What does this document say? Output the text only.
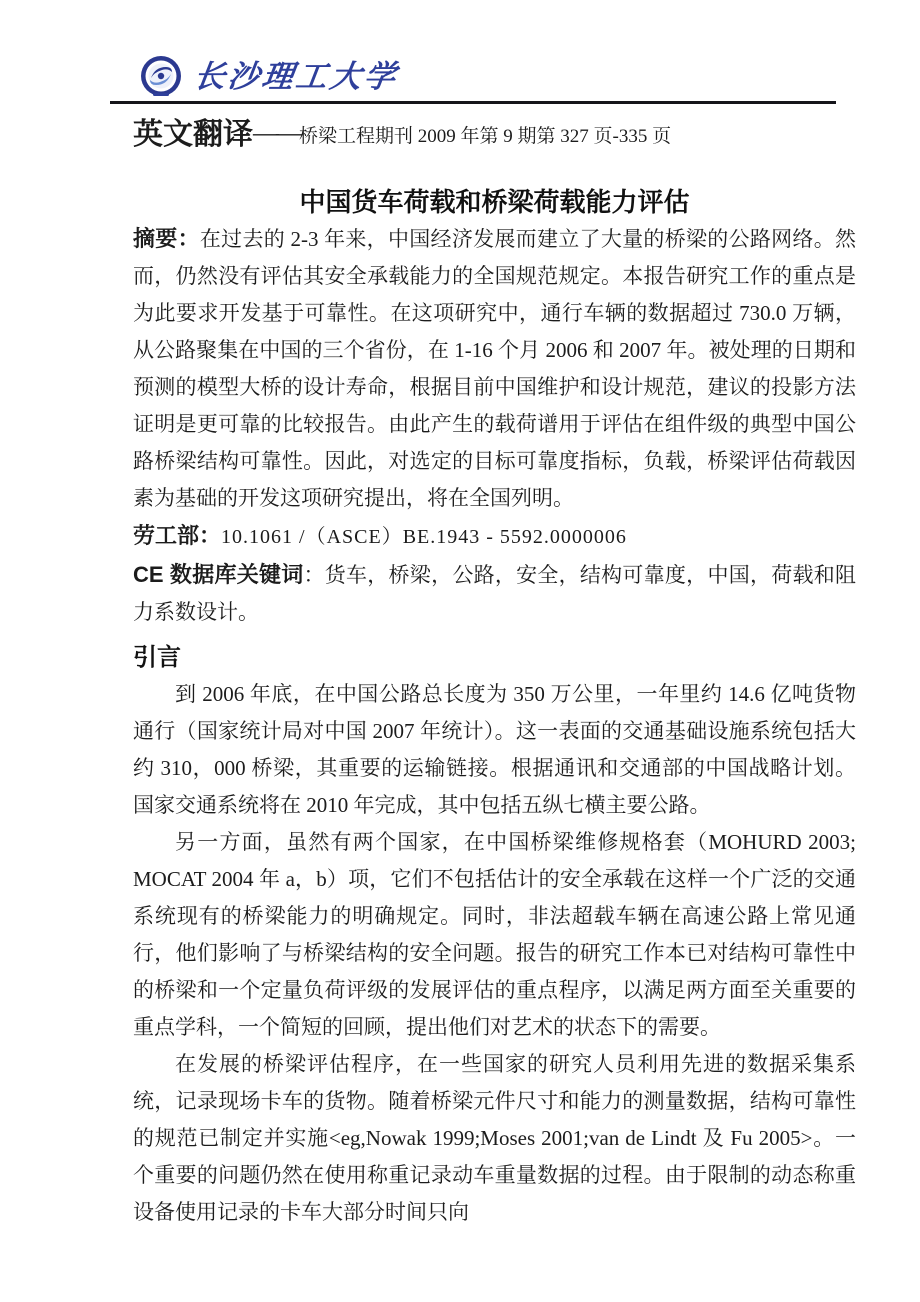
长沙理工大学
英文翻译——桥梁工程期刊 2009 年第 9 期第 327 页-335 页
中国货车荷载和桥梁荷载能力评估

摘要：在过去的 2-3 年来，中国经济发展而建立了大量的桥梁的公路网络。然而，仍然没有评估其安全承载能力的全国规范规定。本报告研究工作的重点是为此要求开发基于可靠性。在这项研究中，通行车辆的数据超过 730.0 万辆，从公路聚集在中国的三个省份，在 1-16 个月 2006 和 2007 年。被处理的日期和预测的模型大桥的设计寿命，根据目前中国维护和设计规范，建议的投影方法证明是更可靠的比较报告。由此产生的载荷谱用于评估在组件级的典型中国公路桥梁结构可靠性。因此，对选定的目标可靠度指标，负载，桥梁评估荷载因素为基础的开发这项研究提出，将在全国列明。

劳工部：10.1061 /（ASCE）BE.1943 - 5592.0000006

CE 数据库关键词：货车，桥梁，公路，安全，结构可靠度，中国，荷载和阻力系数设计。

引言

到 2006 年底，在中国公路总长度为 350 万公里，一年里约 14.6 亿吨货物通行（国家统计局对中国 2007 年统计）。这一表面的交通基础设施系统包括大约 310，000 桥梁，其重要的运输链接。根据通讯和交通部的中国战略计划。国家交通系统将在 2010 年完成，其中包括五纵七横主要公路。

另一方面，虽然有两个国家，在中国桥梁维修规格套（MOHURD 2003; MOCAT 2004 年 a，b）项，它们不包括估计的安全承载在这样一个广泛的交通系统现有的桥梁能力的明确规定。同时，非法超载车辆在高速公路上常见通行，他们影响了与桥梁结构的安全问题。报告的研究工作本已对结构可靠性中的桥梁和一个定量负荷评级的发展评估的重点程序，以满足两方面至关重要的重点学科，一个简短的回顾，提出他们对艺术的状态下的需要。

在发展的桥梁评估程序，在一些国家的研究人员利用先进的数据采集系统，记录现场卡车的货物。随着桥梁元件尺寸和能力的测量数据，结构可靠性的规范已制定并实施<eg,Nowak 1999;Moses 2001;van de Lindt 及 Fu 2005>。一个重要的问题仍然在使用称重记录动车重量数据的过程。由于限制的动态称重设备使用记录的卡车大部分时间只向
